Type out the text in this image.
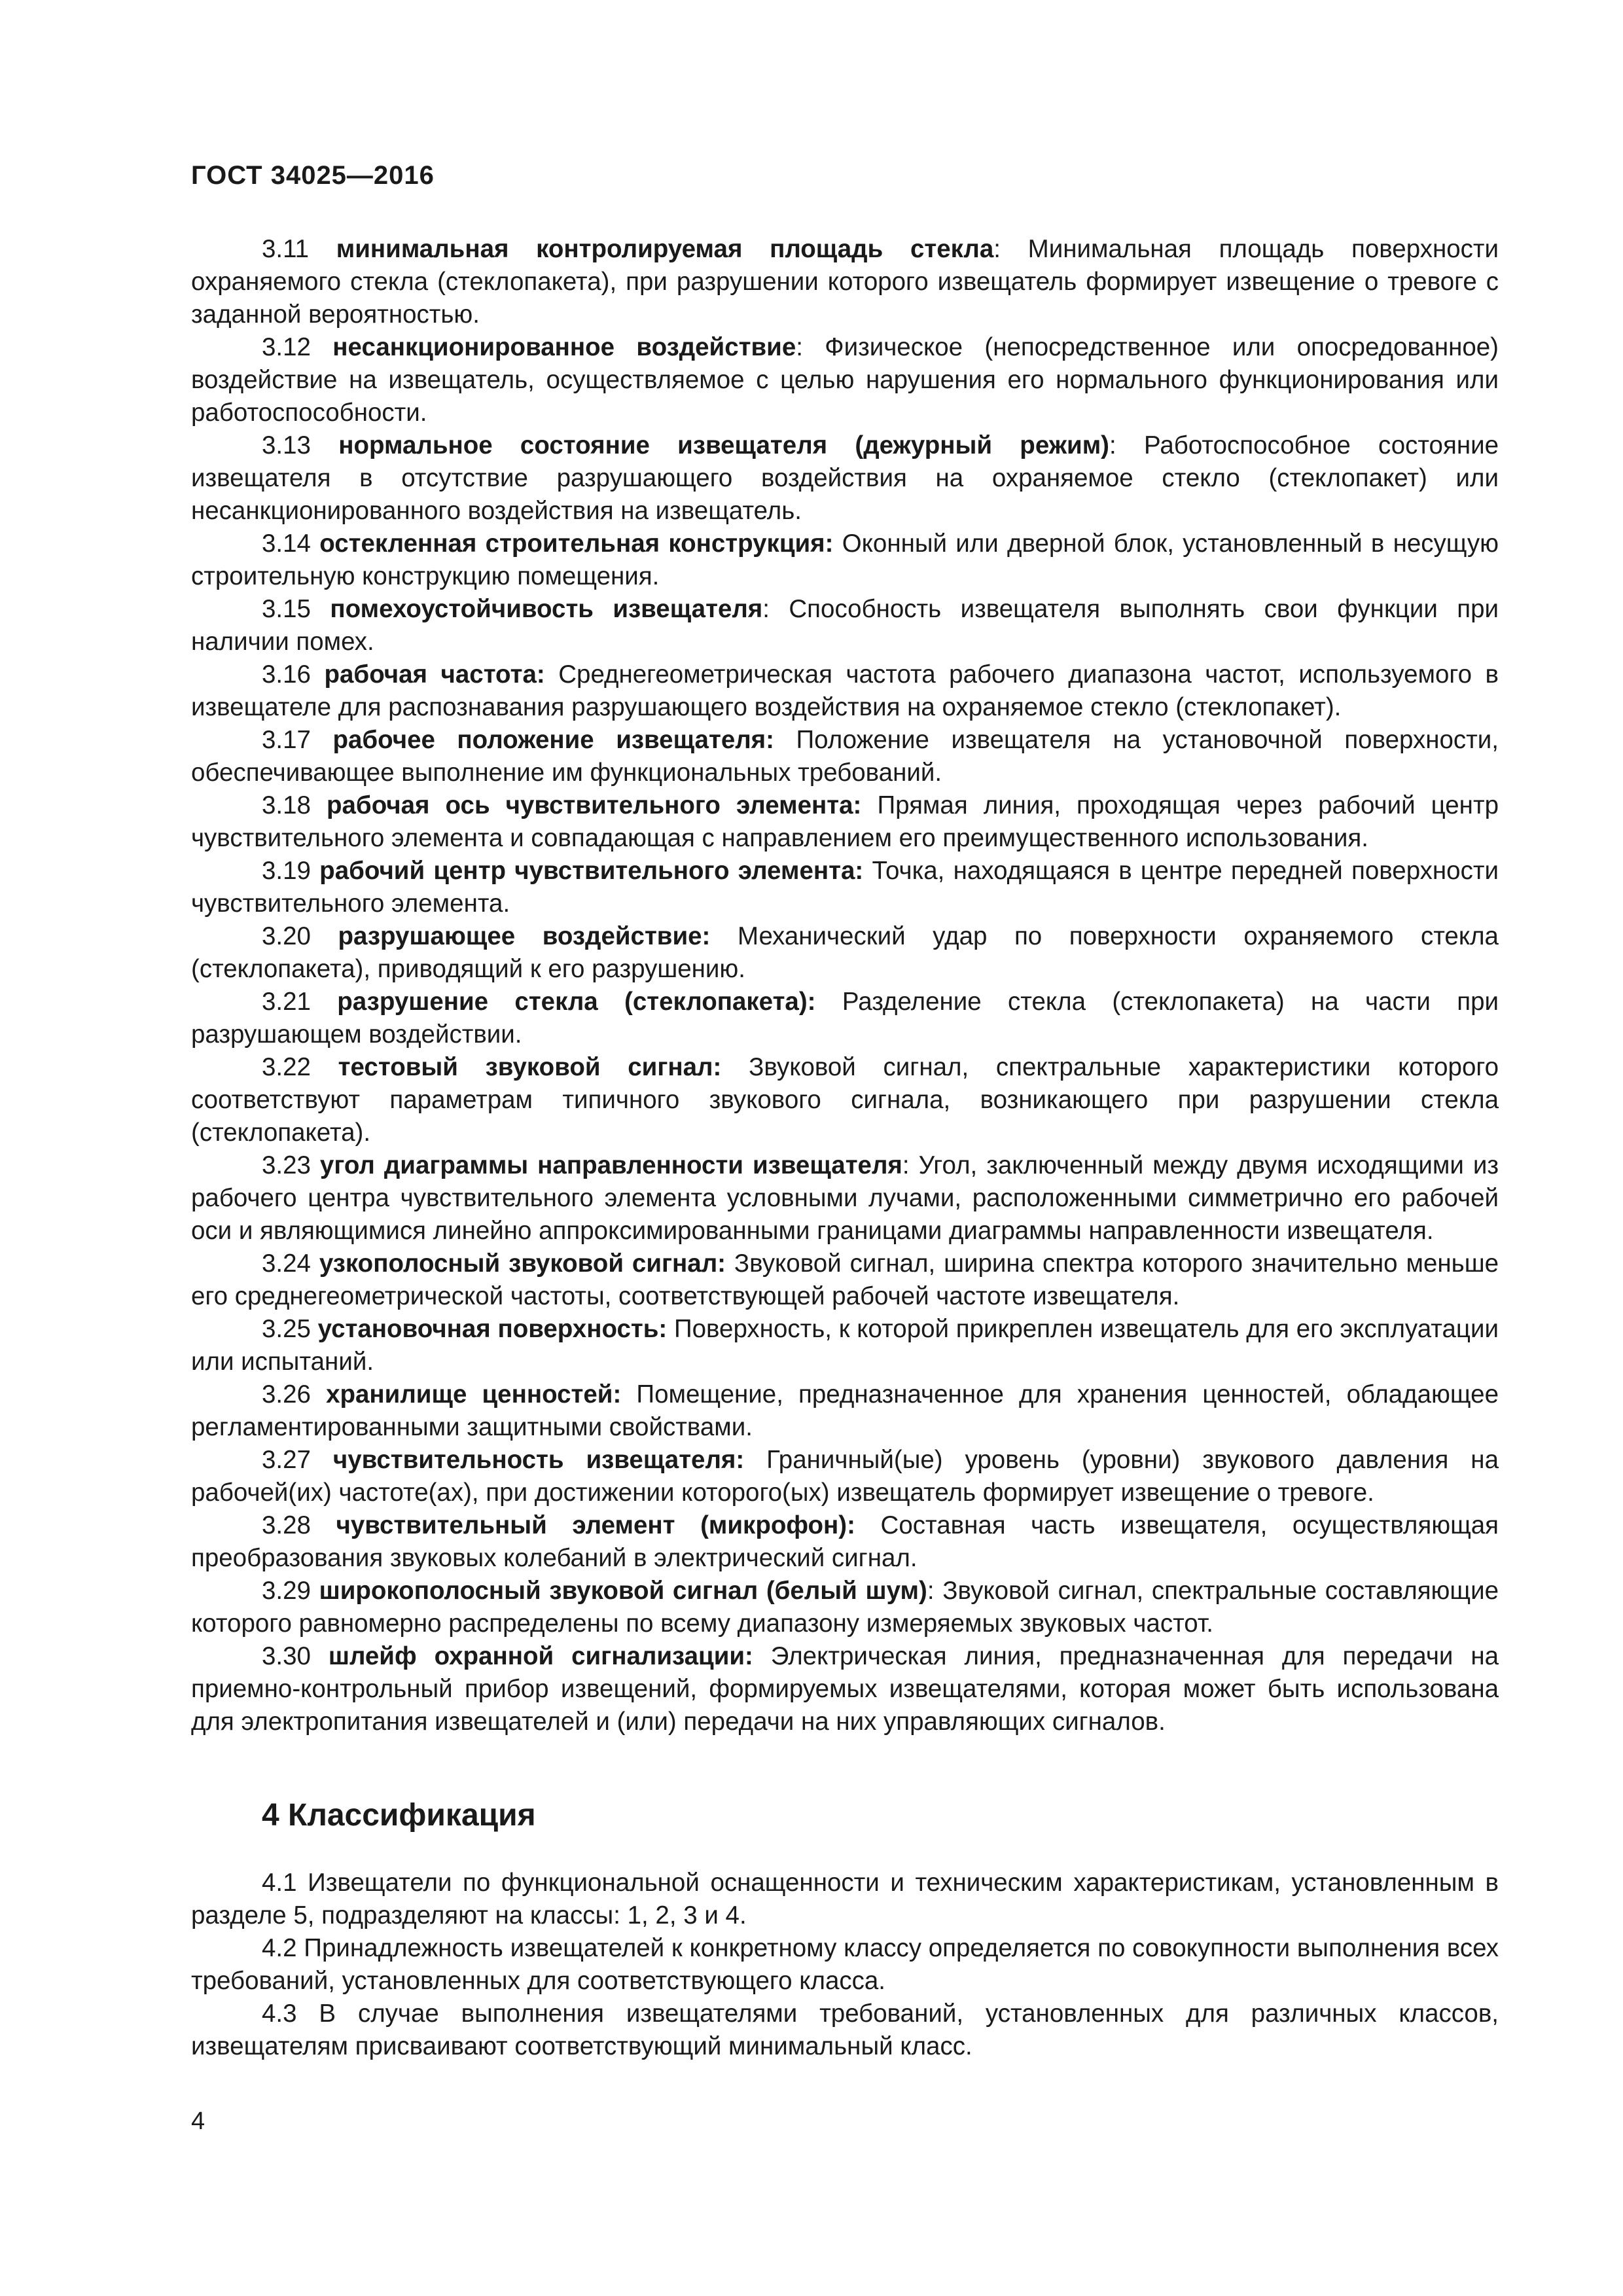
ГОСТ 34025—2016

3.11 минимальная контролируемая площадь стекла: Минимальная площадь поверхности охраняемого стекла (стеклопакета), при разрушении которого извещатель формирует извещение о тревоге с заданной вероятностью.

3.12 несанкционированное воздействие: Физическое (непосредственное или опосредованное) воздействие на извещатель, осуществляемое с целью нарушения его нормального функционирования или работоспособности.

3.13 нормальное состояние извещателя (дежурный режим): Работоспособное состояние извещателя в отсутствие разрушающего воздействия на охраняемое стекло (стеклопакет) или несанкционированного воздействия на извещатель.

3.14 остекленная строительная конструкция: Оконный или дверной блок, установленный в несущую строительную конструкцию помещения.

3.15 помехоустойчивость извещателя: Способность извещателя выполнять свои функции при наличии помех.

3.16 рабочая частота: Среднегеометрическая частота рабочего диапазона частот, используемого в извещателе для распознавания разрушающего воздействия на охраняемое стекло (стеклопакет).

3.17 рабочее положение извещателя: Положение извещателя на установочной поверхности, обеспечивающее выполнение им функциональных требований.

3.18 рабочая ось чувствительного элемента: Прямая линия, проходящая через рабочий центр чувствительного элемента и совпадающая с направлением его преимущественного использования.

3.19 рабочий центр чувствительного элемента: Точка, находящаяся в центре передней поверхности чувствительного элемента.

3.20 разрушающее воздействие: Механический удар по поверхности охраняемого стекла (стеклопакета), приводящий к его разрушению.

3.21 разрушение стекла (стеклопакета): Разделение стекла (стеклопакета) на части при разрушающем воздействии.

3.22 тестовый звуковой сигнал: Звуковой сигнал, спектральные характеристики которого соответствуют параметрам типичного звукового сигнала, возникающего при разрушении стекла (стеклопакета).

3.23 угол диаграммы направленности извещателя: Угол, заключенный между двумя исходящими из рабочего центра чувствительного элемента условными лучами, расположенными симметрично его рабочей оси и являющимися линейно аппроксимированными границами диаграммы направленности извещателя.

3.24 узкополосный звуковой сигнал: Звуковой сигнал, ширина спектра которого значительно меньше его среднегеометрической частоты, соответствующей рабочей частоте извещателя.

3.25 установочная поверхность: Поверхность, к которой прикреплен извещатель для его эксплуатации или испытаний.

3.26 хранилище ценностей: Помещение, предназначенное для хранения ценностей, обладающее регламентированными защитными свойствами.

3.27 чувствительность извещателя: Граничный(ые) уровень (уровни) звукового давления на рабочей(их) частоте(ах), при достижении которого(ых) извещатель формирует извещение о тревоге.

3.28 чувствительный элемент (микрофон): Составная часть извещателя, осуществляющая преобразования звуковых колебаний в электрический сигнал.

3.29 широкополосный звуковой сигнал (белый шум): Звуковой сигнал, спектральные составляющие которого равномерно распределены по всему диапазону измеряемых звуковых частот.

3.30 шлейф охранной сигнализации: Электрическая линия, предназначенная для передачи на приемно-контрольный прибор извещений, формируемых извещателями, которая может быть использована для электропитания извещателей и (или) передачи на них управляющих сигналов.

4 Классификация

4.1 Извещатели по функциональной оснащенности и техническим характеристикам, установленным в разделе 5, подразделяют на классы: 1, 2, 3 и 4.

4.2 Принадлежность извещателей к конкретному классу определяется по совокупности выполнения всех требований, установленных для соответствующего класса.

4.3 В случае выполнения извещателями требований, установленных для различных классов, извещателям присваивают соответствующий минимальный класс.

4
